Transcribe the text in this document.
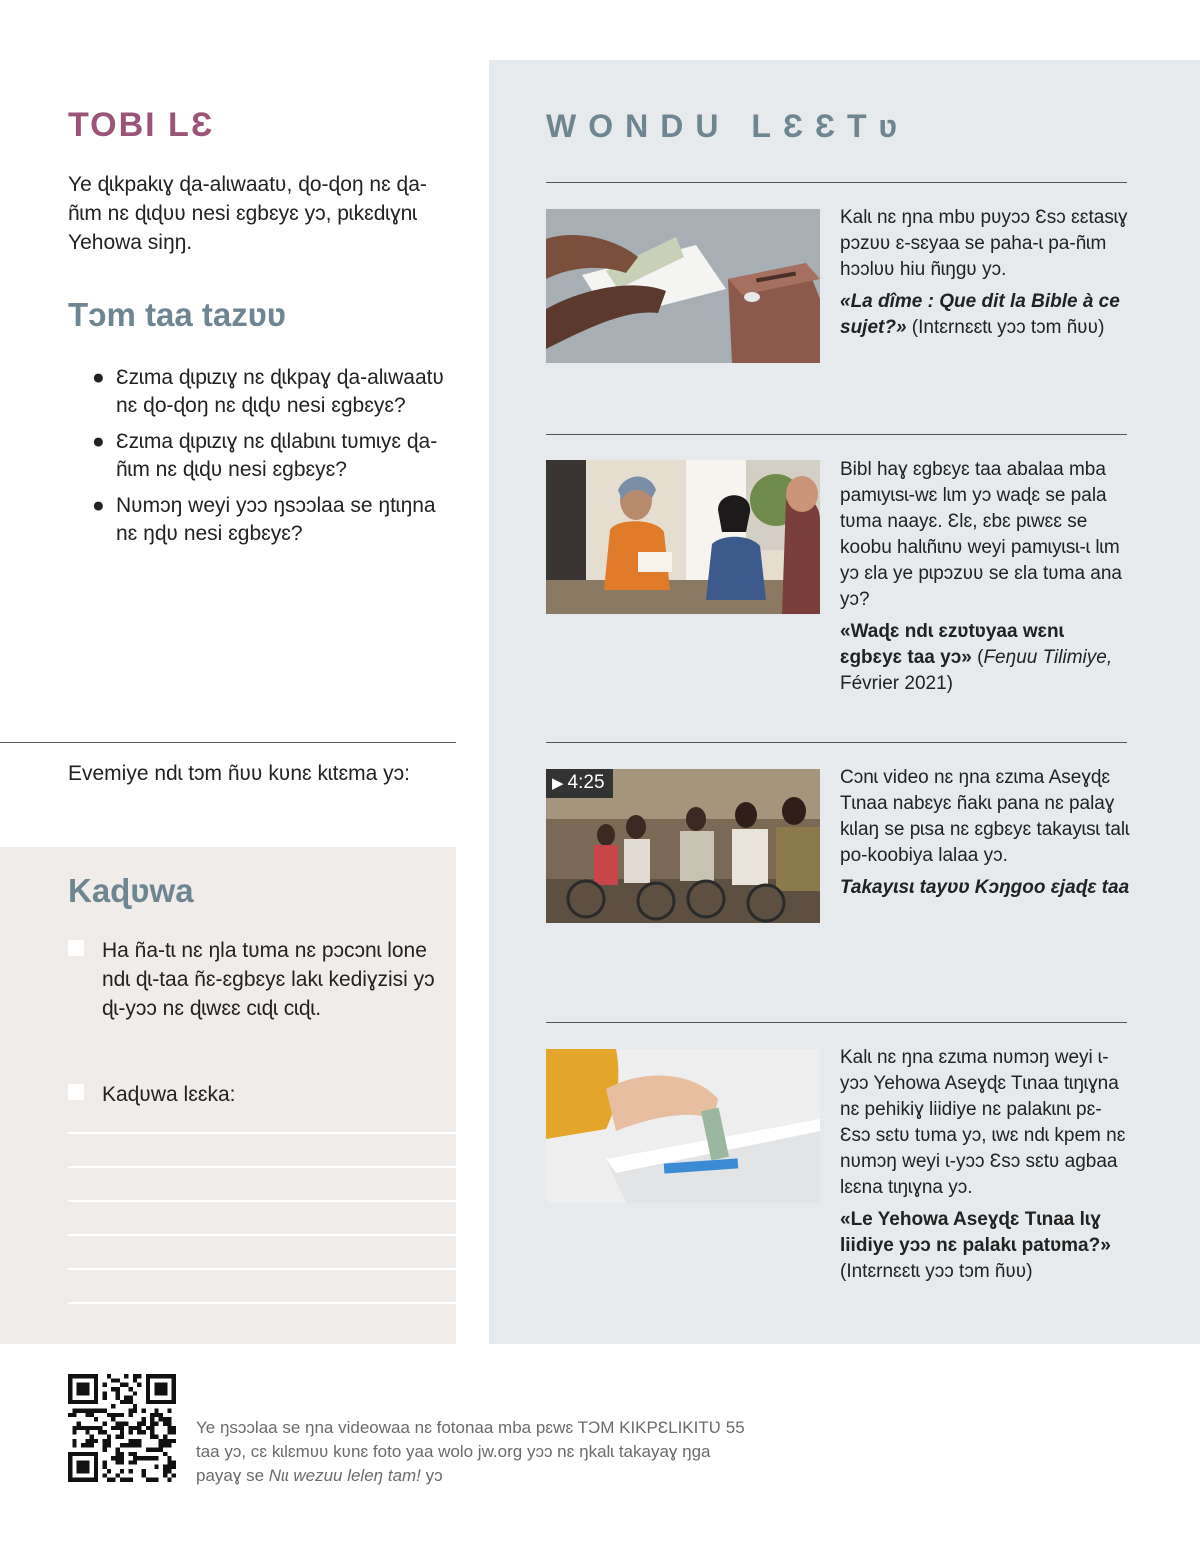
TOBI LƐ

Ye ɖɩkpakɩɣ ɖa-alɩwaatʋ, ɖo-ɖoŋ nɛ ɖa-ñɩm nɛ ɖɩɖʋʋ nesi ɛgbɛyɛ yɔ, pɩkɛdɩɣnɩ Yehowa siŋŋ.

Tɔm taa tazʋʋ
● Ɛzɩma ɖɩpɩzɩɣ nɛ ɖɩkpaɣ ɖa-alɩwaatʋ nɛ ɖo-ɖoŋ nɛ ɖɩɖʋ nesi ɛgbɛyɛ?
● Ɛzɩma ɖɩpɩzɩɣ nɛ ɖɩlabɩnɩ tʋmɩyɛ ɖa-ñɩm nɛ ɖɩɖʋ nesi ɛgbɛyɛ?
● Nʋmɔŋ weyi yɔɔ ŋsɔɔlaa se ŋtɩŋna nɛ ŋɖʋ nesi ɛgbɛyɛ?

Evemiye ndɩ tɔm ñʋʋ kʋnɛ kɩtɛma yɔ:

Kaɖʋwa
Ha ña-tɩ nɛ ŋla tʋma nɛ pɔcɔnɩ lone ndɩ ɖɩ-taa ñɛ-ɛgbɛyɛ lakɩ kediɣzisi yɔ ɖɩ-yɔɔ nɛ ɖɩwɛɛ cɩɖɩ cɩɖɩ.
Kaɖʋwa lɛɛka:
WONDU LƐƐTʋ

Kalɩ nɛ ŋna mbʋ pʋyɔɔ Ɛsɔ ɛɛtasɩɣ pɔzʋʋ ɛ-sɛyaa se paha-ɩ pa-ñɩm hɔɔlʋʋ hiu ñɩŋgʋ yɔ.

«La dîme : Que dit la Bible à ce sujet?» (Intɛrnɛɛtɩ yɔɔ tɔm ñʋʋ)

Bibl haɣ ɛgbɛyɛ taa abalaa mba pamɩyɩsɩ-wɛ lɩm yɔ waɖɛ se pala tʋma naayɛ. Ɛlɛ, ɛbɛ pɩwɛɛ se koobu halɩñɩnʋ weyi pamɩyɩsɩ-ɩ lɩm yɔ ɛla ye pɩpɔzʋʋ se ɛla tʋma ana yɔ?

«Waɖɛ ndɩ ɛzʋtʋyaa wɛnɩ ɛgbɛyɛ taa yɔ» (Feŋuu Tilimiye, Février 2021)

▶ 4:25	Cɔnɩ video nɛ ŋna ɛzɩma Aseɣɖɛ Tɩnaa nabɛyɛ ñakɩ pana nɛ palaɣ kɩlaŋ se pɩsa nɛ ɛgbɛyɛ takayɩsɩ talɩ po-koobiya lalaa yɔ.

Takayɩsɩ tayʋʋ Kɔŋgoo ɛjaɖɛ taa

Kalɩ nɛ ŋna ɛzɩma nʋmɔŋ weyi ɩ-yɔɔ Yehowa Aseɣɖɛ Tɩnaa tɩŋɩɣna nɛ pehikiɣ liidiye nɛ palakɩnɩ pɛ-Ɛsɔ sɛtʋ tʋma yɔ, ɩwɛ ndɩ kpem nɛ nʋmɔŋ weyi ɩ-yɔɔ Ɛsɔ sɛtʋ agbaa lɛɛna tɩŋɩɣna yɔ.

«Le Yehowa Aseɣɖɛ Tɩnaa lɩɣ liidiye yɔɔ nɛ palakɩ patʋma?» (Intɛrnɛɛtɩ yɔɔ tɔm ñʋʋ)

Ye ŋsɔɔlaa se ŋna videowaa nɛ fotonaa mba pɛwɛ TƆM KIKPƐLIKIT​Ʋ 55 taa yɔ, cɛ kɩlɛmʋʋ kʋnɛ foto yaa wolo jw.org yɔɔ nɛ ŋkalɩ takayaɣ ŋga payaɣ se Nɩɩ wezuu leleŋ tam! yɔ
